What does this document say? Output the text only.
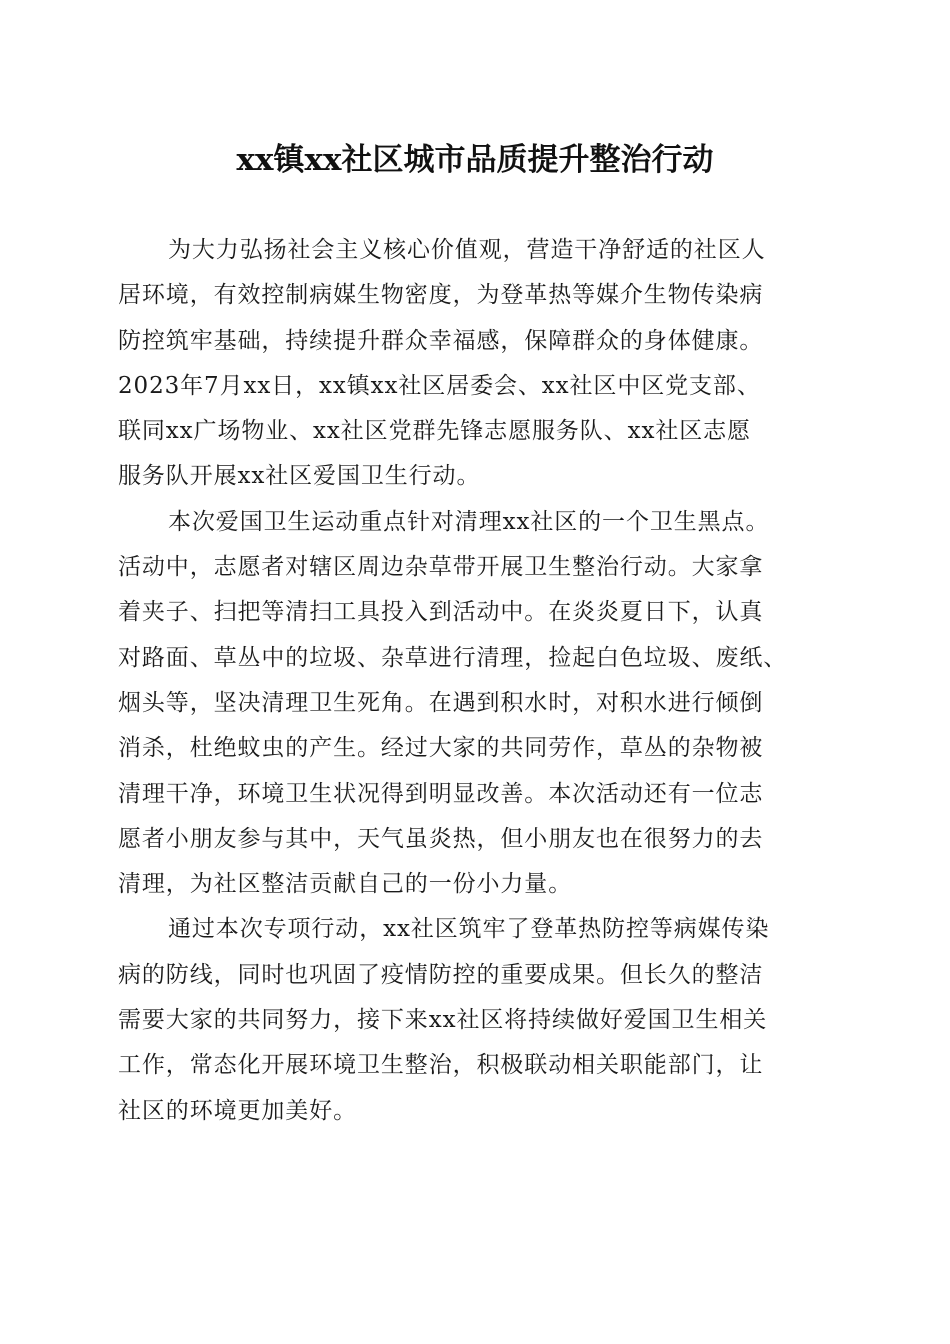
xx镇xx社区城市品质提升整治行动
为大力弘扬社会主义核心价值观，营造干净舒适的社区人
居环境，有效控制病媒生物密度，为登革热等媒介生物传染病
防控筑牢基础，持续提升群众幸福感，保障群众的身体健康。
2023年7月xx日，xx镇xx社区居委会、xx社区中区党支部、
联同xx广场物业、xx社区党群先锋志愿服务队、xx社区志愿
服务队开展xx社区爱国卫生行动。
本次爱国卫生运动重点针对清理xx社区的一个卫生黑点。
活动中，志愿者对辖区周边杂草带开展卫生整治行动。大家拿
着夹子、扫把等清扫工具投入到活动中。在炎炎夏日下，认真
对路面、草丛中的垃圾、杂草进行清理，捡起白色垃圾、废纸、
烟头等，坚决清理卫生死角。在遇到积水时，对积水进行倾倒
消杀，杜绝蚊虫的产生。经过大家的共同劳作，草丛的杂物被
清理干净，环境卫生状况得到明显改善。本次活动还有一位志
愿者小朋友参与其中，天气虽炎热，但小朋友也在很努力的去
清理，为社区整洁贡献自己的一份小力量。
通过本次专项行动，xx社区筑牢了登革热防控等病媒传染
病的防线，同时也巩固了疫情防控的重要成果。但长久的整洁
需要大家的共同努力，接下来xx社区将持续做好爱国卫生相关
工作，常态化开展环境卫生整治，积极联动相关职能部门，让
社区的环境更加美好。
